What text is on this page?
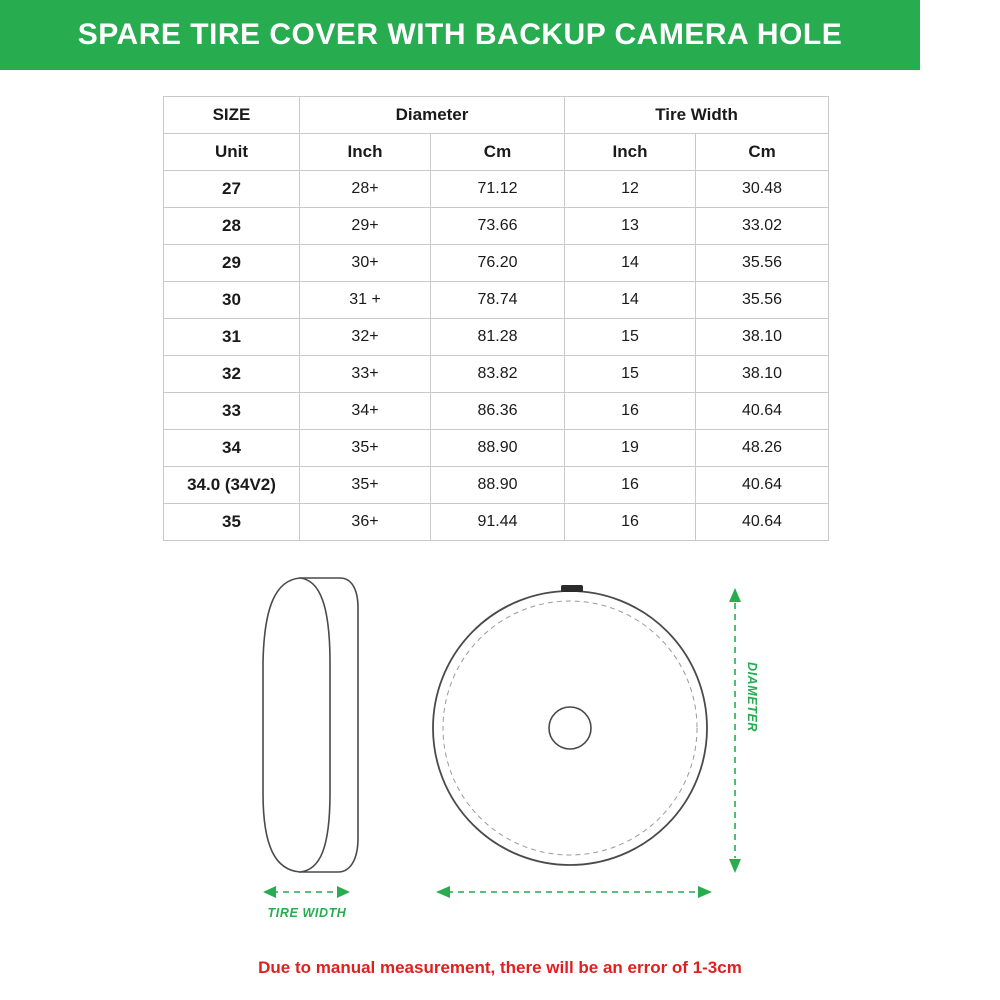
SPARE TIRE COVER WITH BACKUP CAMERA HOLE
SIZE	Diameter		Tire Width	
Unit	Inch	Cm	Inch	Cm
27	28+	71.12	12	30.48
28	29+	73.66	13	33.02
29	30+	76.20	14	35.56
30	31 +	78.74	14	35.56
31	32+	81.28	15	38.10
32	33+	83.82	15	38.10
33	34+	86.36	16	40.64
34	35+	88.90	19	48.26
34.0 (34V2)	35+	88.90	16	40.64
35	36+	91.44	16	40.64
TIRE WIDTH
DIAMETER
Due to manual measurement, there will be an error of 1-3cm
